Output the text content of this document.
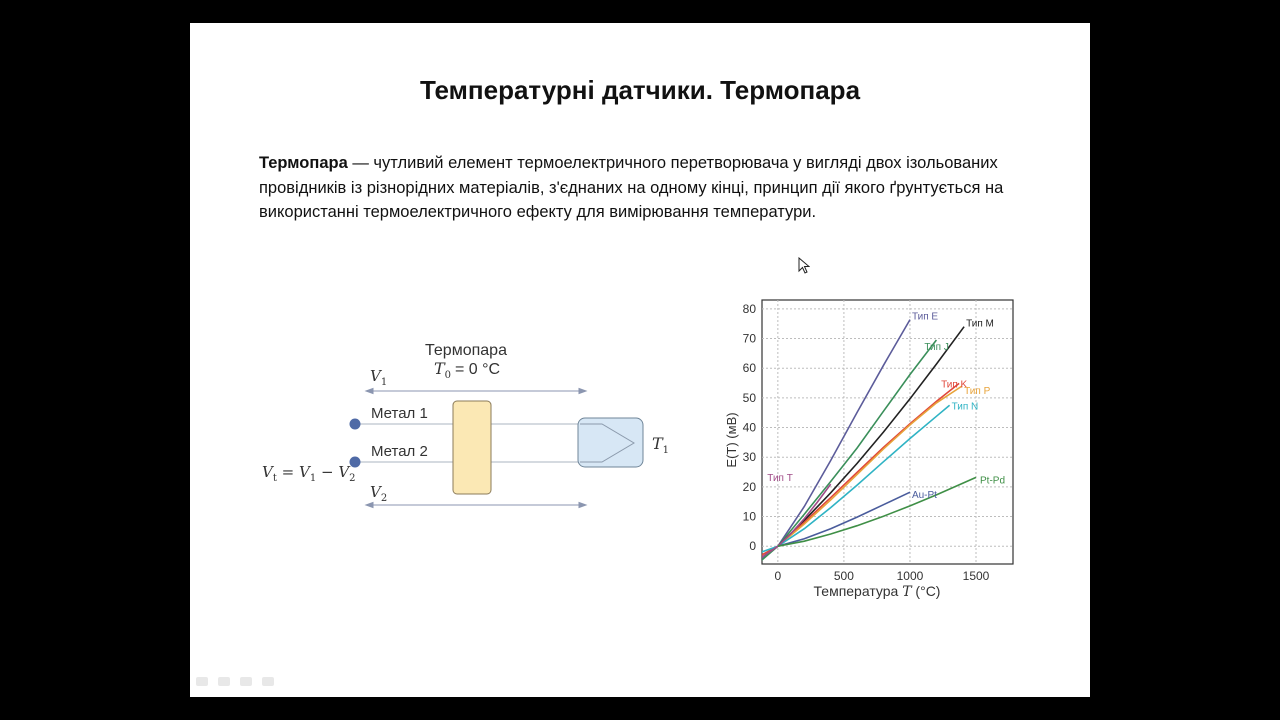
Температурні датчики. Термопара
Термопара — чутливий елемент термоелектричного перетворювача у вигляді двох ізольованих провідників із різнорідних матеріалів, з'єднаних на одному кінці, принцип дії якого ґрунтується на використанні термоелектричного ефекту для вимірювання температури.
Термопара
$T_0 = 0$ °C
$V_1$
Метал 1
Метал 2	$T_1$
$V_2$
$V_t = V_1 - V_2$
0	500	1000	1500
0
10
20
30
40
50
60
70
80
Тип E
Тип J
Тип M
Тип K
Тип P
Тип N
Тип T
Au-Pt
Pt-Pd
E(T) (мВ)
Температура T (°C)
